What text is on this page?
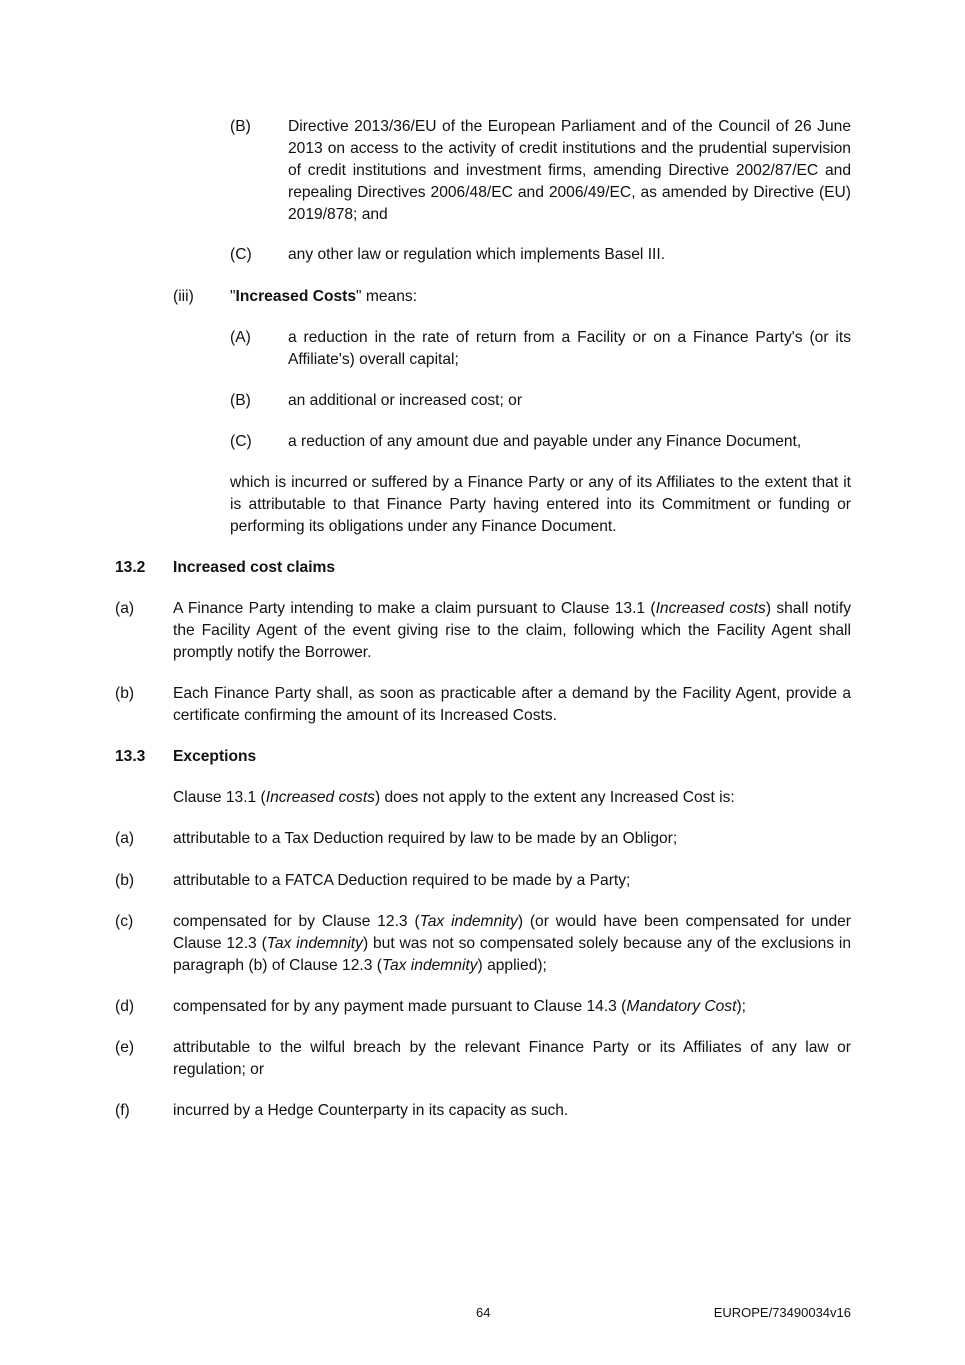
(B) Directive 2013/36/EU of the European Parliament and of the Council of 26 June 2013 on access to the activity of credit institutions and the prudential supervision of credit institutions and investment firms, amending Directive 2002/87/EC and repealing Directives 2006/48/EC and 2006/49/EC, as amended by Directive (EU) 2019/878; and
(C) any other law or regulation which implements Basel III.
(iii) "Increased Costs" means:
(A) a reduction in the rate of return from a Facility or on a Finance Party's (or its Affiliate's) overall capital;
(B) an additional or increased cost; or
(C) a reduction of any amount due and payable under any Finance Document,
which is incurred or suffered by a Finance Party or any of its Affiliates to the extent that it is attributable to that Finance Party having entered into its Commitment or funding or performing its obligations under any Finance Document.
13.2 Increased cost claims
(a) A Finance Party intending to make a claim pursuant to Clause 13.1 (Increased costs) shall notify the Facility Agent of the event giving rise to the claim, following which the Facility Agent shall promptly notify the Borrower.
(b) Each Finance Party shall, as soon as practicable after a demand by the Facility Agent, provide a certificate confirming the amount of its Increased Costs.
13.3 Exceptions
Clause 13.1 (Increased costs) does not apply to the extent any Increased Cost is:
(a) attributable to a Tax Deduction required by law to be made by an Obligor;
(b) attributable to a FATCA Deduction required to be made by a Party;
(c)	compensated for by Clause 12.3 (Tax indemnity) (or would have been compensated for under Clause 12.3 (Tax indemnity) but was not so compensated solely because any of the exclusions in paragraph (b) of Clause 12.3 (Tax indemnity) applied);
(d) compensated for by any payment made pursuant to Clause 14.3 (Mandatory Cost);
(e) attributable to the wilful breach by the relevant Finance Party or its Affiliates of any law or regulation; or
(f)	incurred by a Hedge Counterparty in its capacity as such.
64	EUROPE/73490034v16
